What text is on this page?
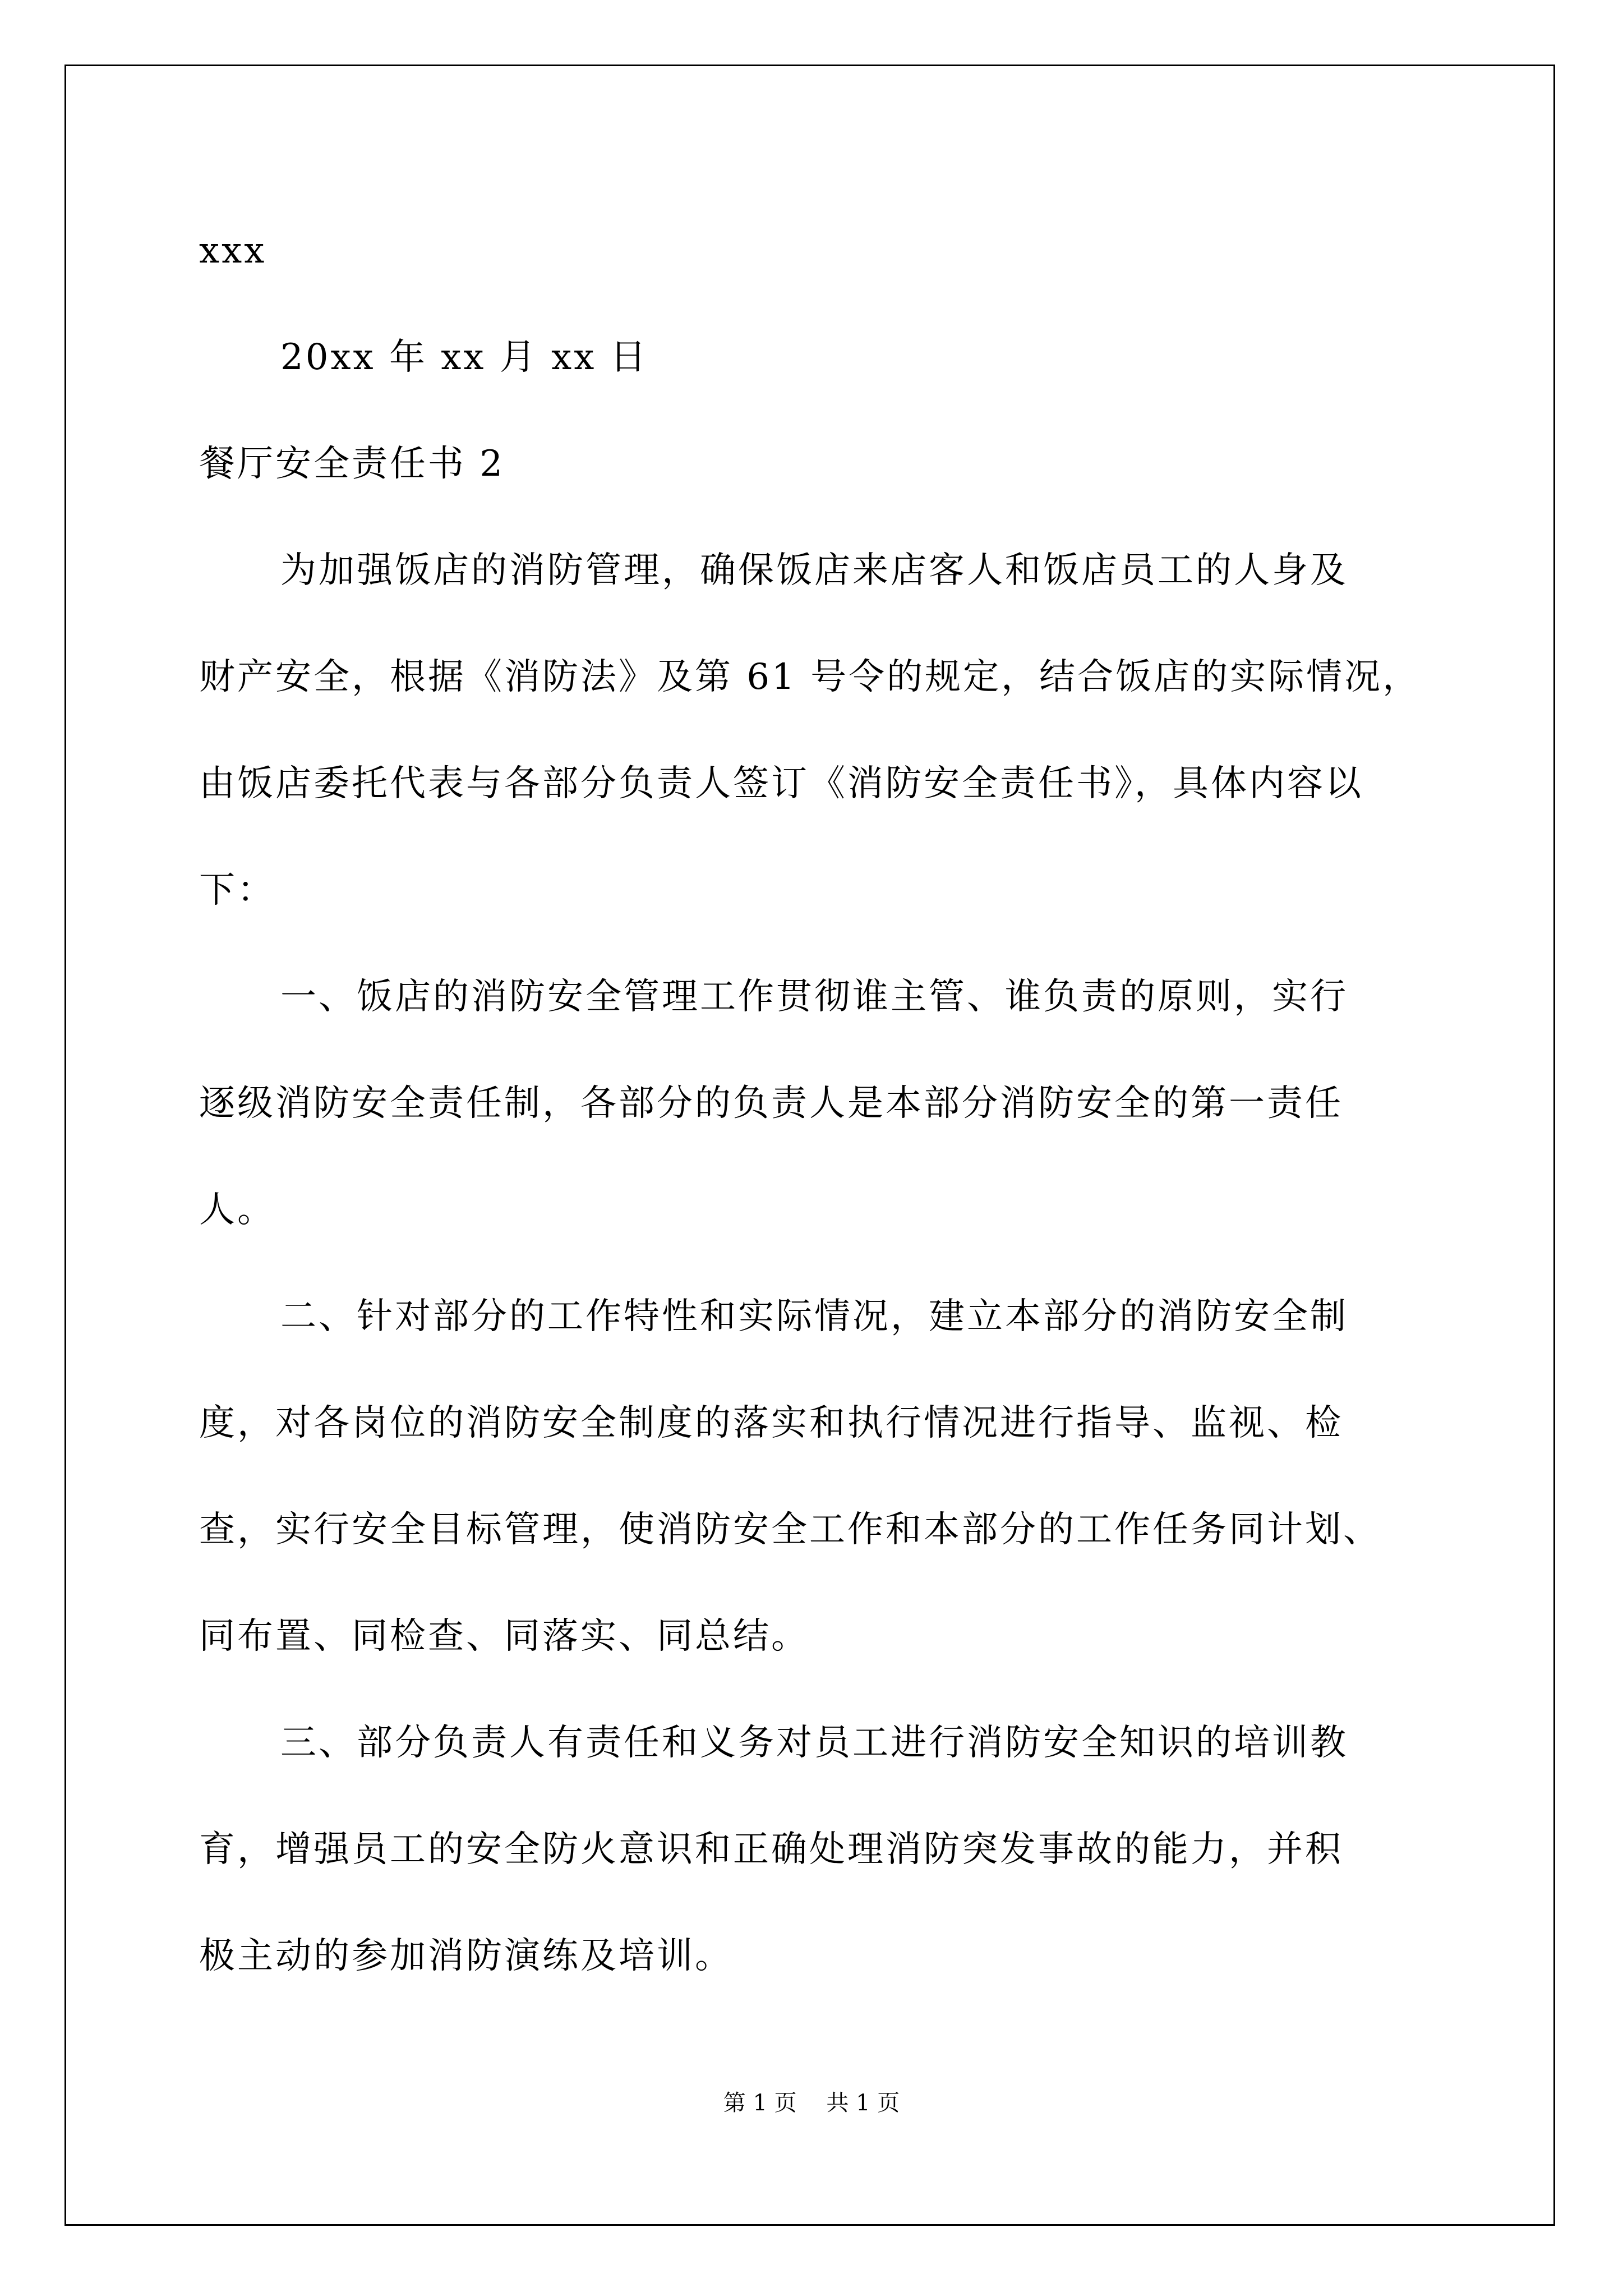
xxx
20xx 年 xx 月 xx 日
餐厅安全责任书 2
为加强饭店的消防管理，确保饭店来店客人和饭店员工的人身及
财产安全，根据《消防法》及第 61 号令的规定，结合饭店的实际情况，
由饭店委托代表与各部分负责人签订《消防安全责任书》，具体内容以
下：
一、饭店的消防安全管理工作贯彻谁主管、谁负责的原则，实行
逐级消防安全责任制，各部分的负责人是本部分消防安全的第一责任
人。
二、针对部分的工作特性和实际情况，建立本部分的消防安全制
度，对各岗位的消防安全制度的落实和执行情况进行指导、监视、检
查，实行安全目标管理，使消防安全工作和本部分的工作任务同计划、
同布置、同检查、同落实、同总结。
三、部分负责人有责任和义务对员工进行消防安全知识的培训教
育，增强员工的安全防火意识和正确处理消防突发事故的能力，并积
极主动的参加消防演练及培训。
第 1 页 共 1 页
